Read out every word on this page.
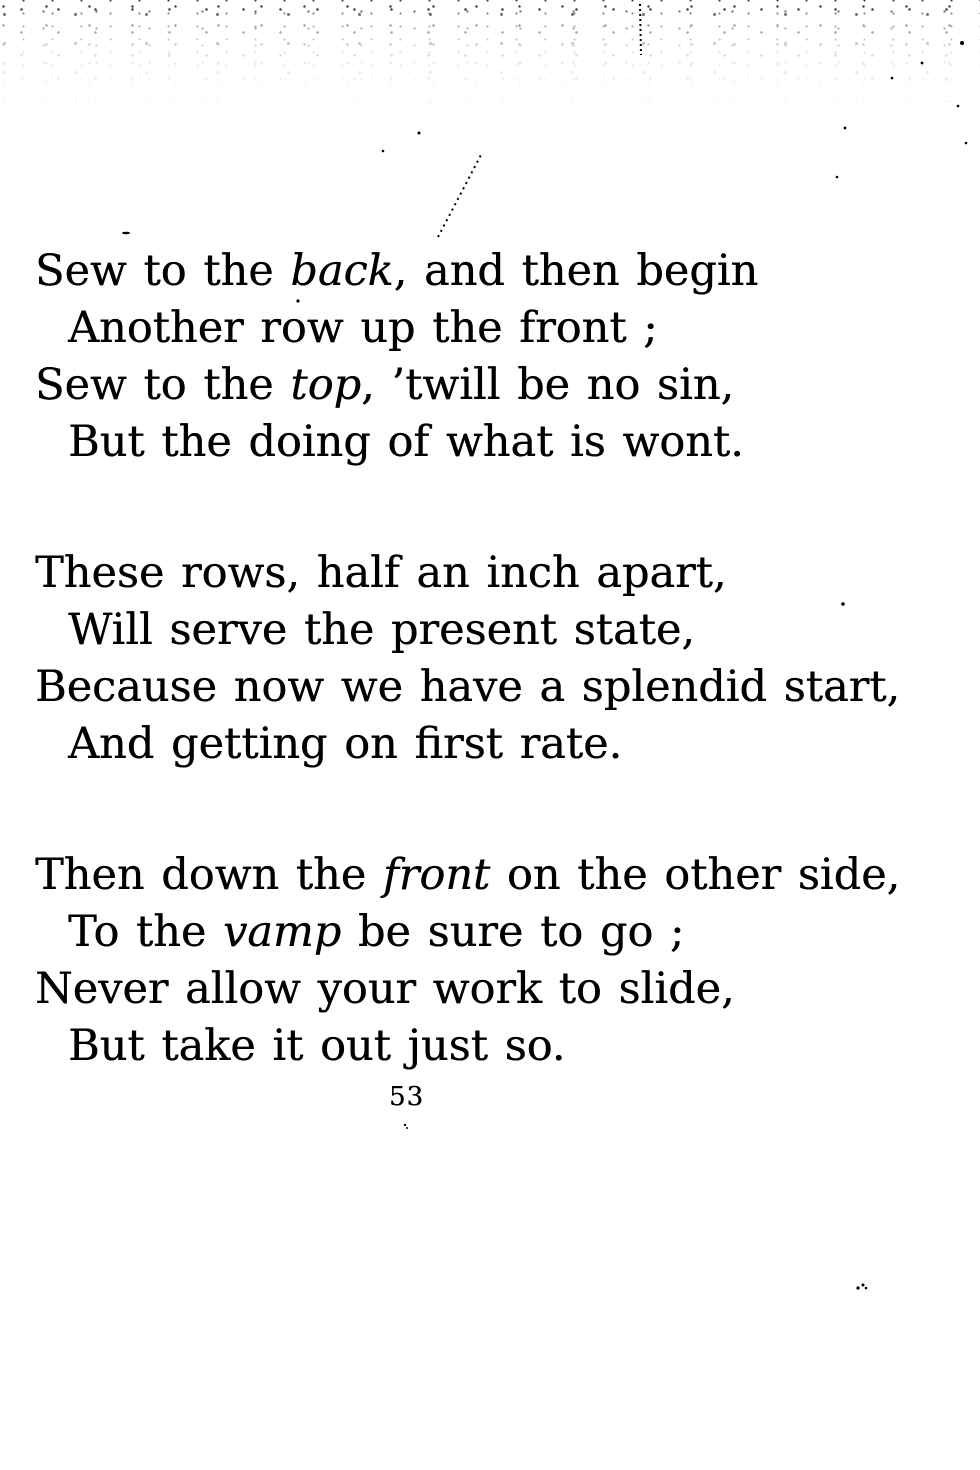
Sew to the back, and then begin
Another row up the front ;
Sew to the top, ’twill be no sin,
But the doing of what is wont.
These rows, half an inch apart,
Will serve the present state,
Because now we have a splendid start,
And getting on first rate.
Then down the front on the other side,
To the vamp be sure to go ;
Never allow your work to slide,
But take it out just so.
53
